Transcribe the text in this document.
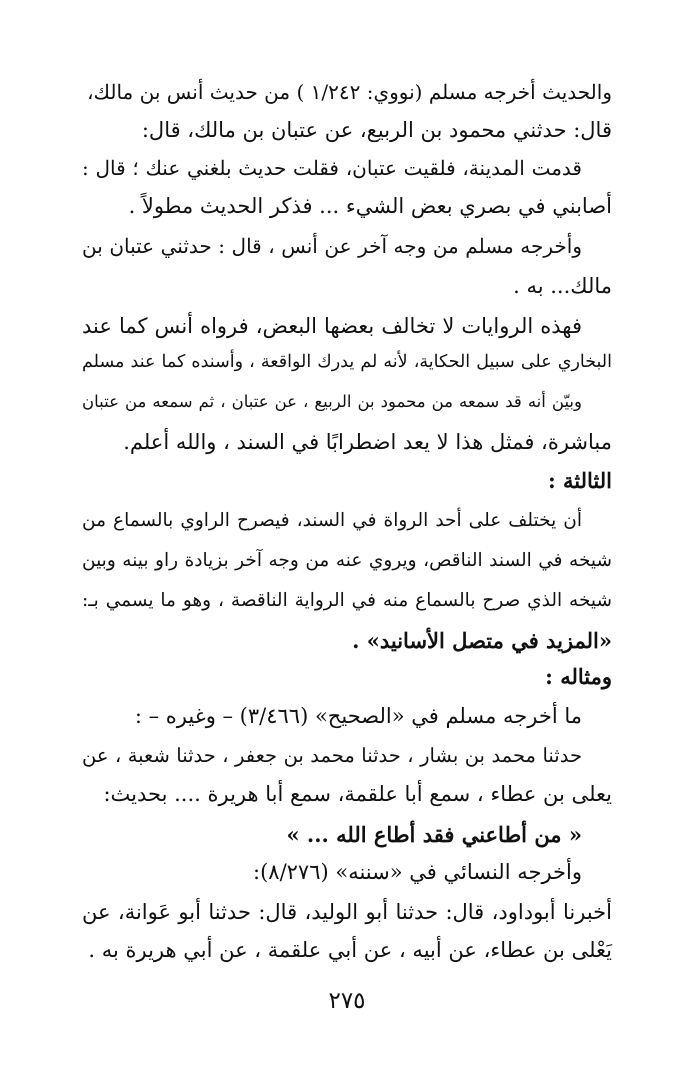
والحديث أخرجه مسلم (نووي: ١/٢٤٢ ) من حديث أنس بن مالك،
قال: حدثني محمود بن الربيع، عن عتبان بن مالك، قال:
قدمت المدينة، فلقيت عتبان، فقلت حديث بلغني عنك ؛ قال :
أصابني في بصري بعض الشيء ... فذكر الحديث مطولاً .
وأخرجه مسلم من وجه آخر عن أنس ، قال : حدثني عتبان بن
مالك... به .
فهذه الروايات لا تخالف بعضها البعض، فرواه أنس كما عند
البخاري على سبيل الحكاية، لأنه لم يدرك الواقعة ، وأسنده كما عند مسلم
وبيّن أنه قد سمعه من محمود بن الربيع ، عن عتبان ، ثم سمعه من عتبان
مباشرة، فمثل هذا لا يعد اضطرابًا في السند ، والله أعلم.
الثالثة :
أن يختلف على أحد الرواة في السند، فيصرح الراوي بالسماع من
شيخه في السند الناقص، ويروي عنه من وجه آخر بزيادة راو بينه وبين
شيخه الذي صرح بالسماع منه في الرواية الناقصة ، وهو ما يسمي بـ:
«المزيد في متصل الأسانيد» .
ومثاله :
ما أخرجه مسلم في «الصحيح» (٣/٤٦٦) – وغيره – :
حدثنا محمد بن بشار ، حدثنا محمد بن جعفر ، حدثنا شعبة ، عن
يعلى بن عطاء ، سمع أبا علقمة، سمع أبا هريرة .... بحديث:
« من أطاعني فقد أطاع الله ... »
وأخرجه النسائي في «سننه» (٨/٢٧٦):
أخبرنا أبوداود، قال: حدثنا أبو الوليد، قال: حدثنا أبو عَوانة، عن
يَعْلى بن عطاء، عن أبيه ، عن أبي علقمة ، عن أبي هريرة به .
٢٧٥
